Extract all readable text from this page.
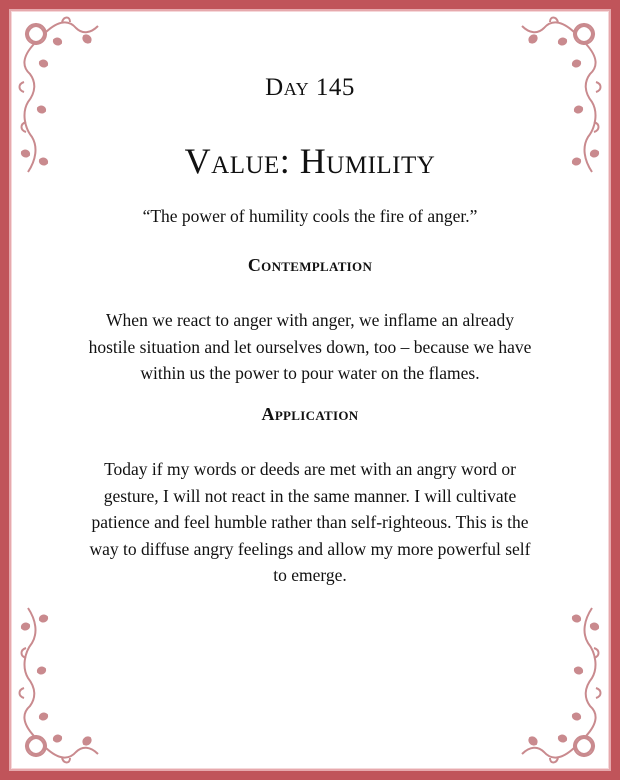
Day 145
Value: Humility
“The power of humility cools the fire of anger.”
Contemplation
When we react to anger with anger, we inflame an already
hostile situation and let ourselves down, too – because we have
within us the power to pour water on the flames.
Application
Today if my words or deeds are met with an angry word or
gesture, I will not react in the same manner. I will cultivate
patience and feel humble rather than self-righteous. This is the
way to diffuse angry feelings and allow my more powerful self
to emerge.
